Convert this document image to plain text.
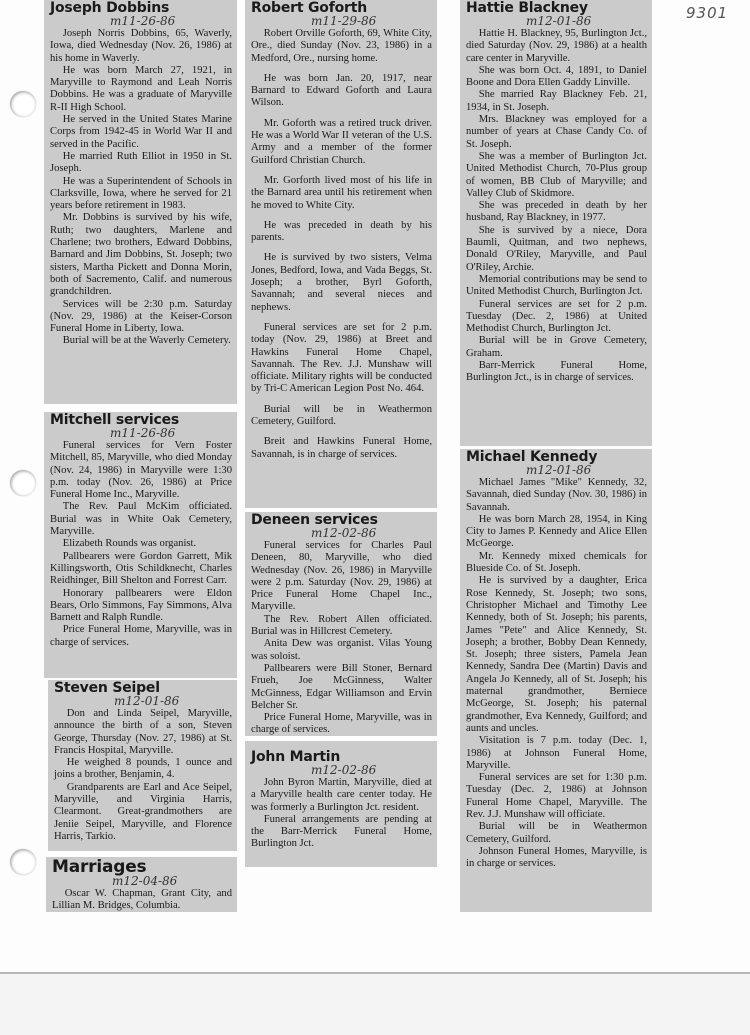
9301
Joseph Dobbins
m11-26-86

Joseph Norris Dobbins, 65, Waverly, Iowa, died Wednesday (Nov. 26, 1986) at his home in Waverly.

He was born March 27, 1921, in Maryville to Raymond and Leah Norris Dobbins. He was a graduate of Maryville R-II High School.

He served in the United States Marine Corps from 1942-45 in World War II and served in the Pacific.

He married Ruth Elliot in 1950 in St. Joseph.

He was a Superintendent of Schools in Clarksville, Iowa, where he served for 21 years before retirement in 1983.

Mr. Dobbins is survived by his wife, Ruth; two daughters, Marlene and Charlene; two brothers, Edward Dobbins, Barnard and Jim Dobbins, St. Joseph; two sisters, Martha Pickett and Donna Morin, both of Sacremento, Calif. and numerous grandchildren.

Services will be 2:30 p.m. Saturday (Nov. 29, 1986) at the Keiser-Corson Funeral Home in Liberty, Iowa.

Burial will be at the Waverly Cemetery.

Mitchell services
m11-26-86

Funeral services for Vern Foster Mitchell, 85, Maryville, who died Monday (Nov. 24, 1986) in Maryville were 1:30 p.m. today (Nov. 26, 1986) at Price Funeral Home Inc., Maryville.

The Rev. Paul McKim officiated. Burial was in White Oak Cemetery, Maryville.

Elizabeth Rounds was organist.

Pallbearers were Gordon Garrett, Mik Killingsworth, Otis Schildknecht, Charles Reidhinger, Bill Shelton and Forrest Carr.

Honorary pallbearers were Eldon Bears, Orlo Simmons, Fay Simmons, Alva Barnett and Ralph Rundle.

Price Funeral Home, Maryville, was in charge of services.

Steven Seipel
m12-01-86

Don and Linda Seipel, Maryville, announce the birth of a son, Steven George, Thursday (Nov. 27, 1986) at St. Francis Hospital, Maryville.

He weighed 8 pounds, 1 ounce and joins a brother, Benjamin, 4.

Grandparents are Earl and Ace Seipel, Maryville, and Virginia Harris, Clearmont. Great-grandmothers are Jeniie Seipel, Maryville, and Florence Harris, Tarkio.

Marriages
m12-04-86

Oscar W. Chapman, Grant City, and Lillian M. Bridges, Columbia.

Robert Goforth
m11-29-86

Robert Orville Goforth, 69, White City, Ore., died Sunday (Nov. 23, 1986) in a Medford, Ore., nursing home.

He was born Jan. 20, 1917, near Barnard to Edward Goforth and Laura Wilson.

Mr. Goforth was a retired truck driver. He was a World War II veteran of the U.S. Army and a member of the former Guilford Christian Church.

Mr. Gorforth lived most of his life in the Barnard area until his retirement when he moved to White City.

He was preceded in death by his parents.

He is survived by two sisters, Velma Jones, Bedford, Iowa, and Vada Beggs, St. Joseph; a brother, Byrl Goforth, Savannah; and several nieces and nephews.

Funeral services are set for 2 p.m. today (Nov. 29, 1986) at Breet and Hawkins Funeral Home Chapel, Savannah. The Rev. J.J. Munshaw will officiate. Military rights will be conducted by Tri-C American Legion Post No. 464.

Burial will be in Weathermon Cemetery, Guilford.

Breit and Hawkins Funeral Home, Savannah, is in charge of services.

Deneen services
m12-02-86

Funeral services for Charles Paul Deneen, 80, Maryville, who died Wednesday (Nov. 26, 1986) in Maryville were 2 p.m. Saturday (Nov. 29, 1986) at Price Funeral Home Chapel Inc., Maryville.

The Rev. Robert Allen officiated. Burial was in Hillcrest Cemetery.

Anita Dew was organist. Vilas Young was soloist.

Pallbearers were Bill Stoner, Bernard Frueh, Joe McGinness, Walter McGinness, Edgar Williamson and Ervin Belcher Sr.

Price Funeral Home, Maryville, was in charge of services.

John Martin
m12-02-86

John Byron Martin, Maryville, died at a Maryville health care center today. He was formerly a Burlington Jct. resident.

Funeral arrangements are pending at the Barr-Merrick Funeral Home, Burlington Jct.

Hattie Blackney
m12-01-86

Hattie H. Blackney, 95, Burlington Jct., died Saturday (Nov. 29, 1986) at a health care center in Maryville.

She was born Oct. 4, 1891, to Daniel Boone and Dora Ellen Gaddy Linville.

She married Ray Blackney Feb. 21, 1934, in St. Joseph.

Mrs. Blackney was employed for a number of years at Chase Candy Co. of St. Joseph.

She was a member of Burlington Jct. United Methodist Church, 70-Plus group of women, BB Club of Maryville; and Valley Club of Skidmore.

She was preceded in death by her husband, Ray Blackney, in 1977.

She is survived by a niece, Dora Baumli, Quitman, and two nephews, Donald O'Riley, Maryville, and Paul O'Riley, Archie.

Memorial contributions may be send to United Methodist Church, Burlington Jct.

Funeral services are set for 2 p.m. Tuesday (Dec. 2, 1986) at United Methodist Church, Burlington Jct.

Burial will be in Grove Cemetery, Graham.

Barr-Merrick Funeral Home, Burlington Jct., is in charge of services.

Michael Kennedy
m12-01-86

Michael James "Mike" Kennedy, 32, Savannah, died Sunday (Nov. 30, 1986) in Savannah.

He was born March 28, 1954, in King City to James P. Kennedy and Alice Ellen McGeorge.

Mr. Kennedy mixed chemicals for Blueside Co. of St. Joseph.

He is survived by a daughter, Erica Rose Kennedy, St. Joseph; two sons, Christopher Michael and Timothy Lee Kennedy, both of St. Joseph; his parents, James "Pete" and Alice Kennedy, St. Joseph; a brother, Bobby Dean Kennedy, St. Joseph; three sisters, Pamela Jean Kennedy, Sandra Dee (Martin) Davis and Angela Jo Kennedy, all of St. Joseph; his maternal grandmother, Berniece McGeorge, St. Joseph; his paternal grandmother, Eva Kennedy, Guilford; and aunts and uncles.

Visitation is 7 p.m. today (Dec. 1, 1986) at Johnson Funeral Home, Maryville.

Funeral services are set for 1:30 p.m. Tuesday (Dec. 2, 1986) at Johnson Funeral Home Chapel, Maryville. The Rev. J.J. Munshaw will officiate.

Burial will be in Weathermon Cemetery, Guilford.

Johnson Funeral Homes, Maryville, is in charge or services.
